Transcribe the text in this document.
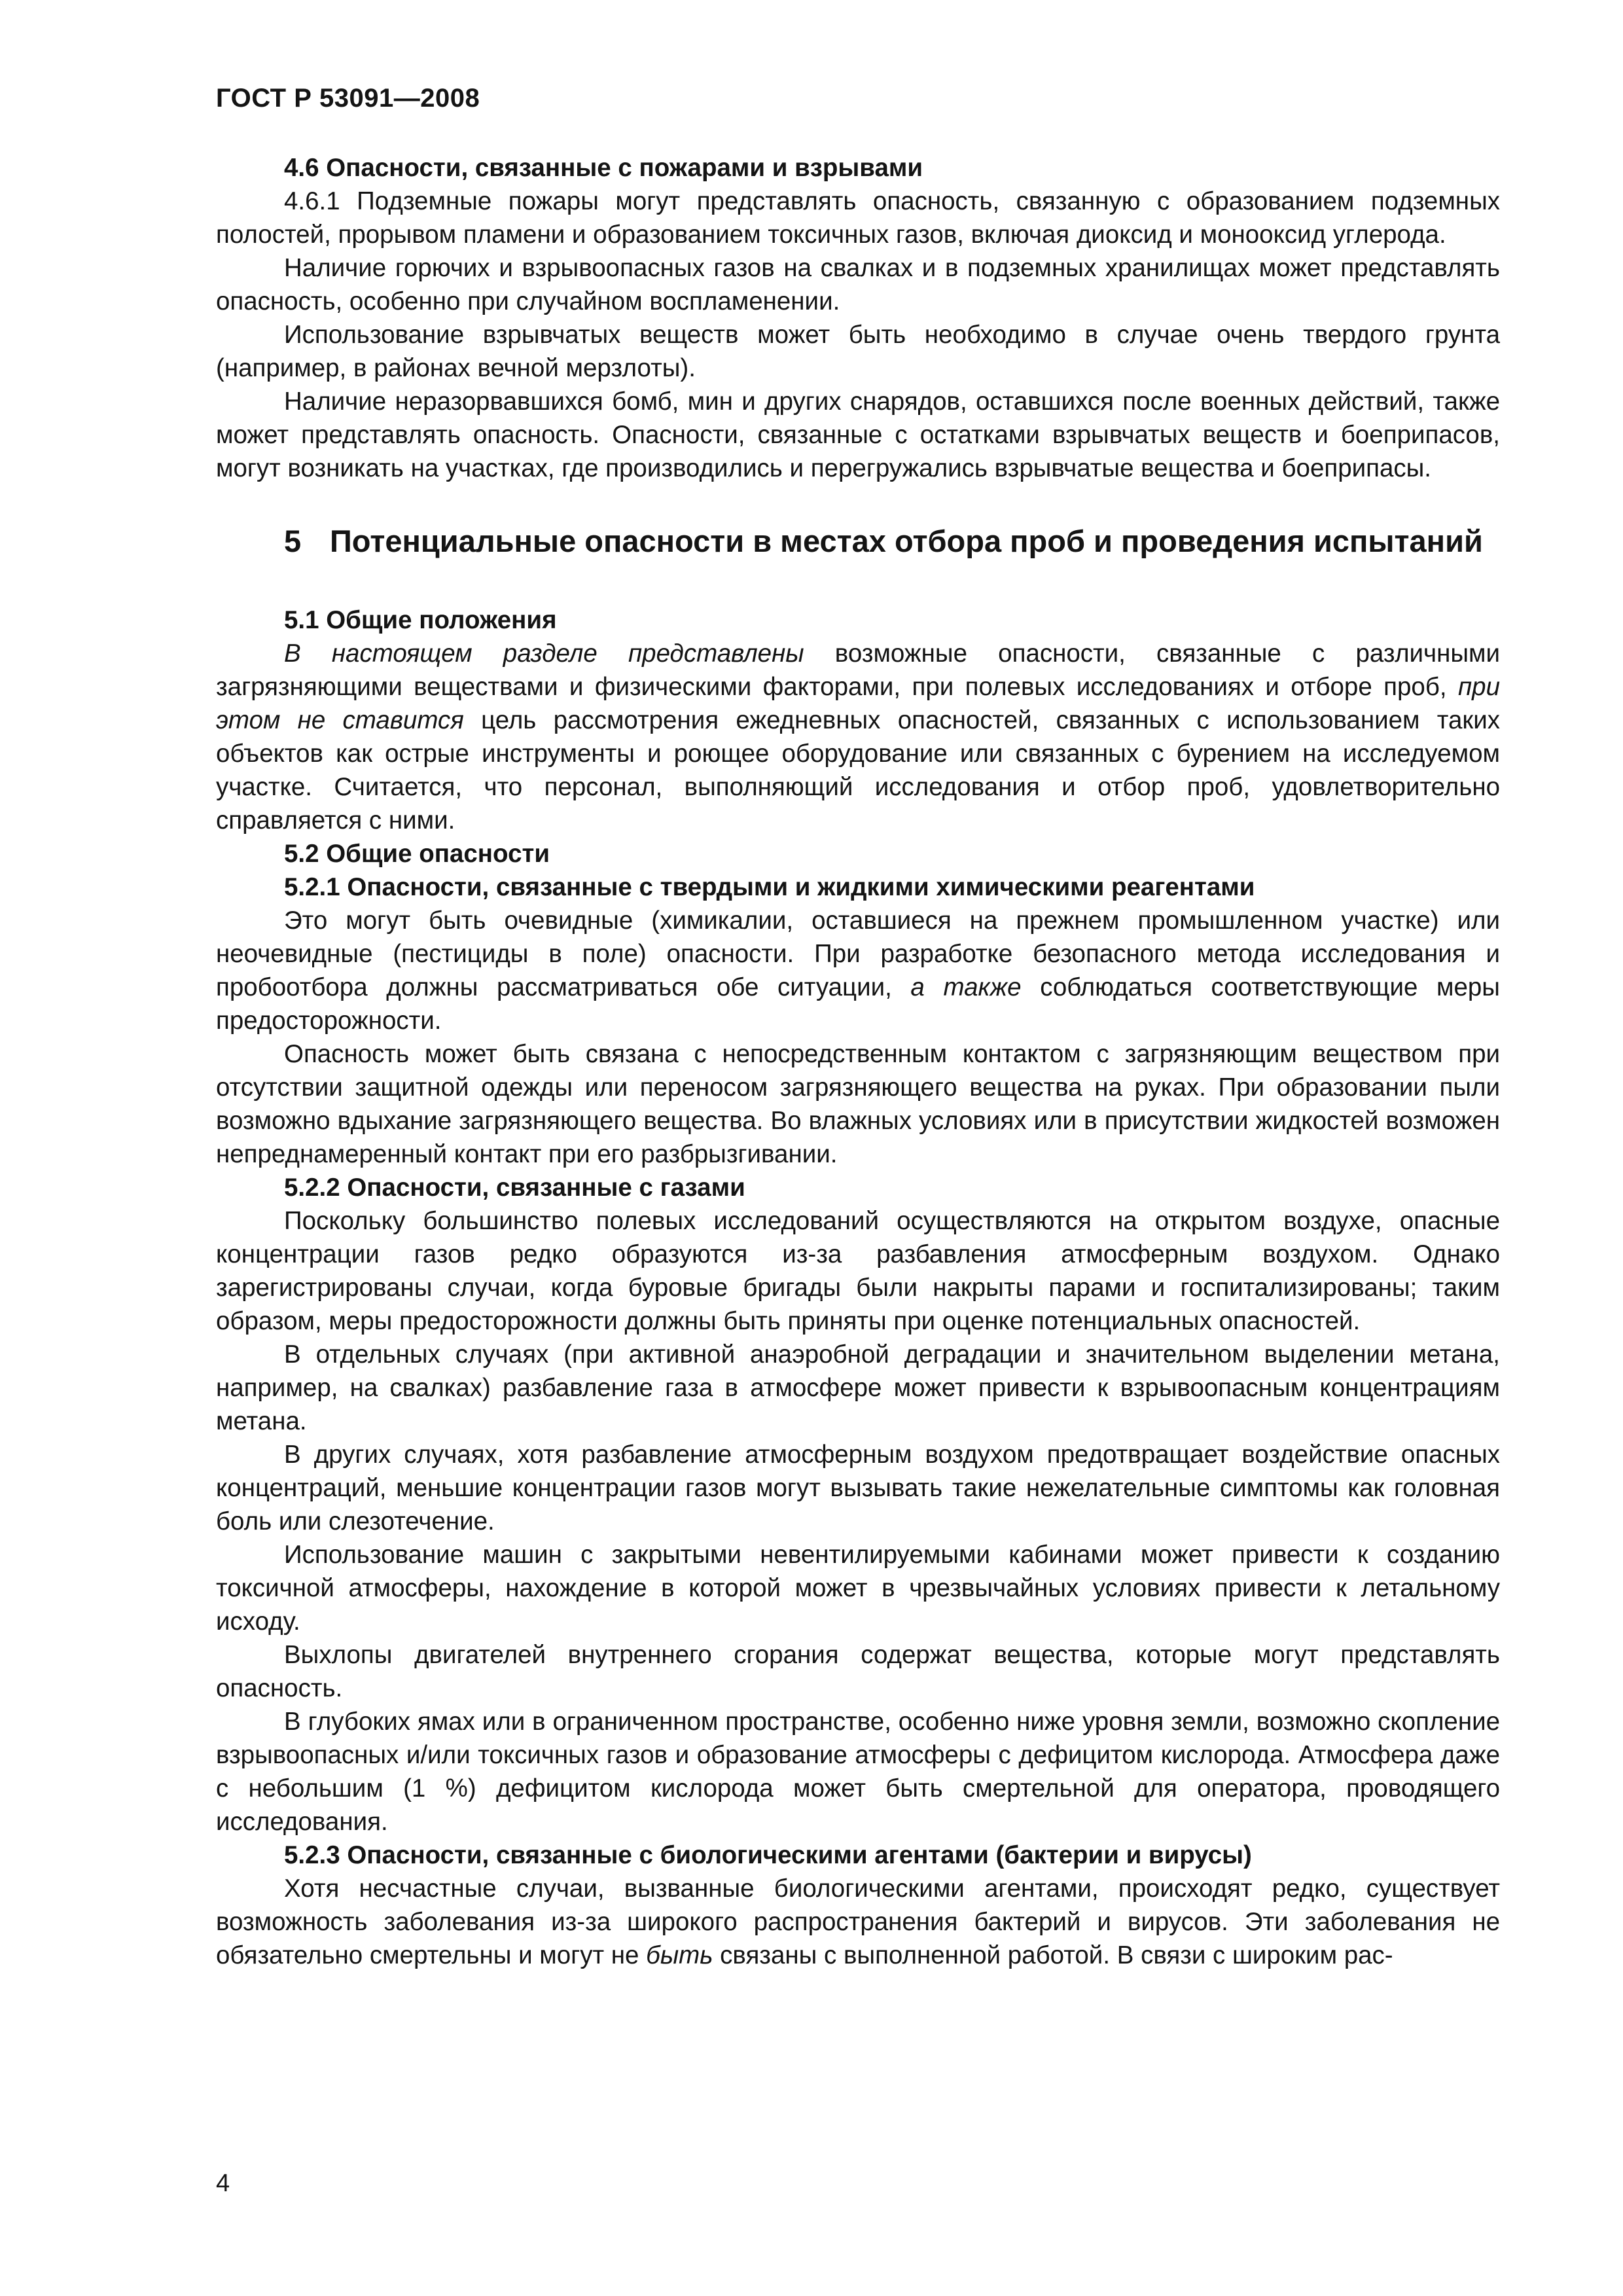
ГОСТ Р 53091—2008
4.6 Опасности, связанные с пожарами и взрывами

4.6.1 Подземные пожары могут представлять опасность, связанную с образованием подземных полостей, прорывом пламени и образованием токсичных газов, включая диоксид и монооксид углерода.

Наличие горючих и взрывоопасных газов на свалках и в подземных хранилищах может представлять опасность, особенно при случайном воспламенении.

Использование взрывчатых веществ может быть необходимо в случае очень твердого грунта (например, в районах вечной мерзлоты).

Наличие неразорвавшихся бомб, мин и других снарядов, оставшихся после военных действий, также может представлять опасность. Опасности, связанные с остатками взрывчатых веществ и боеприпасов, могут возникать на участках, где производились и перегружались взрывчатые вещества и боеприпасы.

5 Потенциальные опасности в местах отбора проб и проведения испытаний
5.1 Общие положения

В настоящем разделе представлены возможные опасности, связанные с различными загрязняющими веществами и физическими факторами, при полевых исследованиях и отборе проб, при этом не ставится цель рассмотрения ежедневных опасностей, связанных с использованием таких объектов как острые инструменты и роющее оборудование или связанных с бурением на исследуемом участке. Считается, что персонал, выполняющий исследования и отбор проб, удовлетворительно справляется с ними.

5.2 Общие опасности
5.2.1 Опасности, связанные с твердыми и жидкими химическими реагентами

Это могут быть очевидные (химикалии, оставшиеся на прежнем промышленном участке) или неочевидные (пестициды в поле) опасности. При разработке безопасного метода исследования и пробоотбора должны рассматриваться обе ситуации, а также соблюдаться соответствующие меры предосторожности.

Опасность может быть связана с непосредственным контактом с загрязняющим веществом при отсутствии защитной одежды или переносом загрязняющего вещества на руках. При образовании пыли возможно вдыхание загрязняющего вещества. Во влажных условиях или в присутствии жидкостей возможен непреднамеренный контакт при его разбрызгивании.

5.2.2 Опасности, связанные с газами

Поскольку большинство полевых исследований осуществляются на открытом воздухе, опасные концентрации газов редко образуются из-за разбавления атмосферным воздухом. Однако зарегистрированы случаи, когда буровые бригады были накрыты парами и госпитализированы; таким образом, меры предосторожности должны быть приняты при оценке потенциальных опасностей.

В отдельных случаях (при активной анаэробной деградации и значительном выделении метана, например, на свалках) разбавление газа в атмосфере может привести к взрывоопасным концентрациям метана.

В других случаях, хотя разбавление атмосферным воздухом предотвращает воздействие опасных концентраций, меньшие концентрации газов могут вызывать такие нежелательные симптомы как головная боль или слезотечение.

Использование машин с закрытыми невентилируемыми кабинами может привести к созданию токсичной атмосферы, нахождение в которой может в чрезвычайных условиях привести к летальному исходу.

Выхлопы двигателей внутреннего сгорания содержат вещества, которые могут представлять опасность.

В глубоких ямах или в ограниченном пространстве, особенно ниже уровня земли, возможно скопление взрывоопасных и/или токсичных газов и образование атмосферы с дефицитом кислорода. Атмосфера даже с небольшим (1 %) дефицитом кислорода может быть смертельной для оператора, проводящего исследования.

5.2.3 Опасности, связанные с биологическими агентами (бактерии и вирусы)

Хотя несчастные случаи, вызванные биологическими агентами, происходят редко, существует возможность заболевания из-за широкого распространения бактерий и вирусов. Эти заболевания не обязательно смертельны и могут не быть связаны с выполненной работой. В связи с широким рас-

4
